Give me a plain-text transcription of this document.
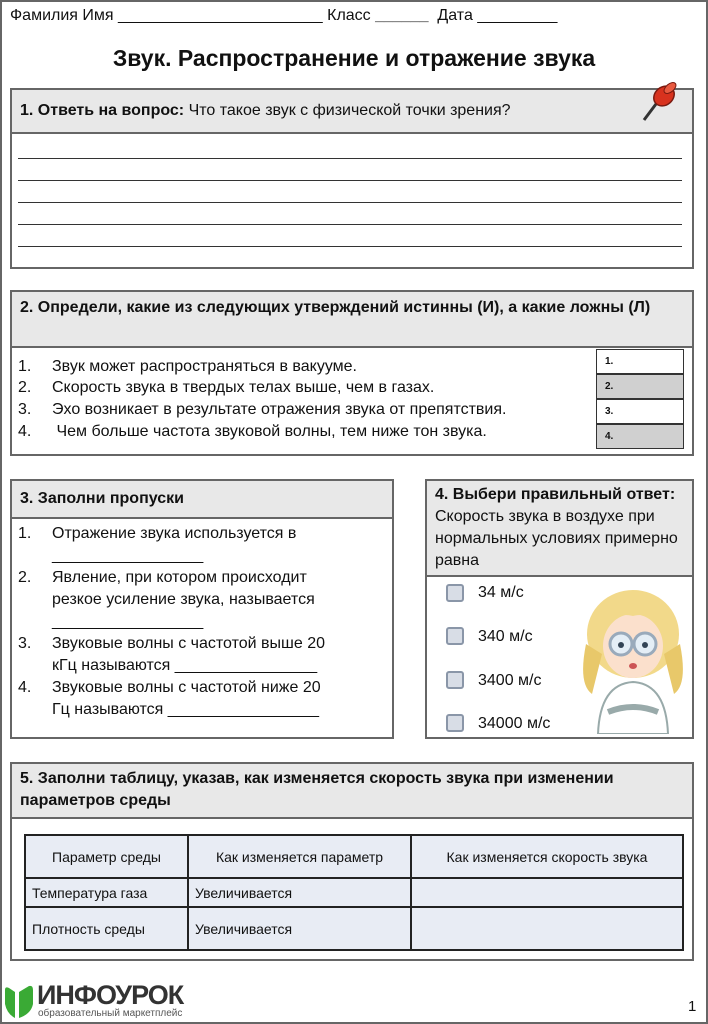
Фамилия Имя _______________________ Класс ______ Дата _________
Звук. Распространение и отражение звука
1. Ответь на вопрос: Что такое звук с физической точки зрения?
2. Определи, какие из следующих утверждений истинны (И), а какие ложны (Л)
1. Звук может распространяться в вакууме.
2. Скорость звука в твердых телах выше, чем в газах.
3. Эхо возникает в результате отражения звука от препятствия.
4. Чем больше частота звуковой волны, тем ниже тон звука.
1.
2.
3.
4.
3. Заполни пропуски
1. Отражение звука используется в
_________________
2. Явление, при котором происходит
резкое усиление звука, называется
_________________
3. Звуковые волны с частотой выше 20
кГц называются ________________
4. Звуковые волны с частотой ниже 20
Гц называются _________________
4. Выбери правильный ответ: Скорость звука в воздухе при нормальных условиях примерно равна
34 м/с
340 м/с
3400 м/с
34000 м/с
5. Заполни таблицу, указав, как изменяется скорость звука при изменении параметров среды
Параметр среды	Как изменяется параметр	Как изменяется скорость звука
Температура газа	Увеличивается	
Плотность среды	Увеличивается	
ИНФОУРОК
образовательный маркетплейс	1
